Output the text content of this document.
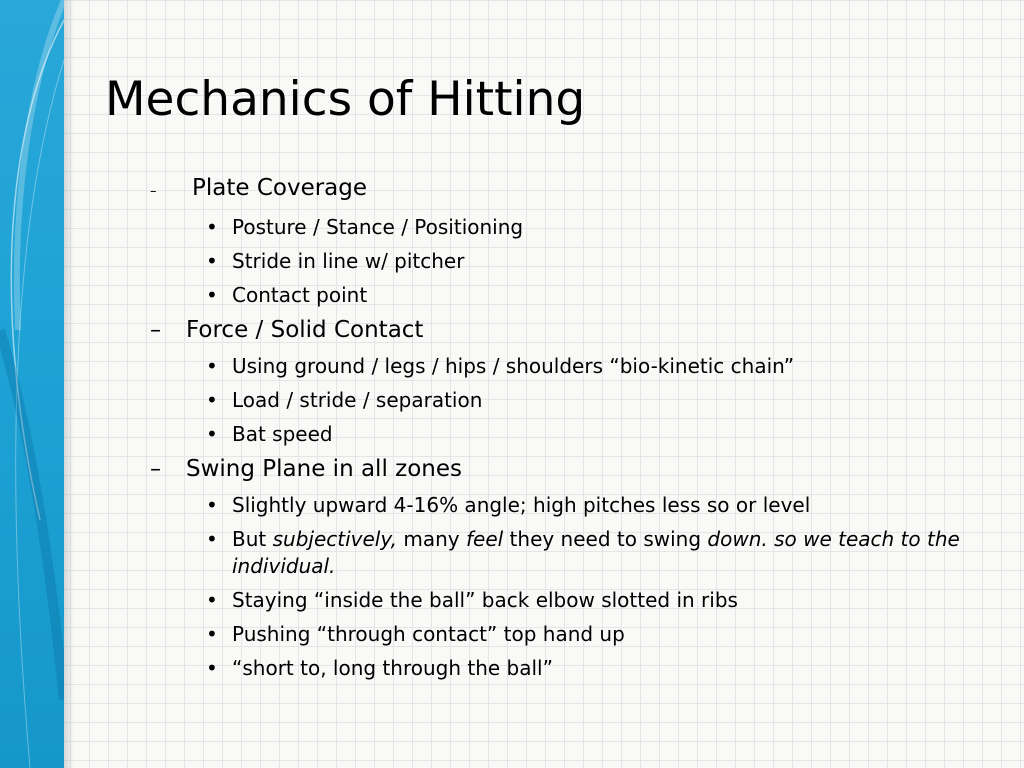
Mechanics of Hitting
–	Plate Coverage
• Posture / Stance / Positioning
• Stride in line w/ pitcher
• Contact point
–	Force / Solid Contact
• Using ground / legs / hips / shoulders “bio-kinetic chain”
• Load / stride / separation
• Bat speed
–	Swing Plane in all zones
• Slightly upward 4-16% angle; high pitches less so or level
• But subjectively, many feel they need to swing down. so we teach to the individual.
• Staying “inside the ball” back elbow slotted in ribs
• Pushing “through contact” top hand up
• “short to, long through the ball”
